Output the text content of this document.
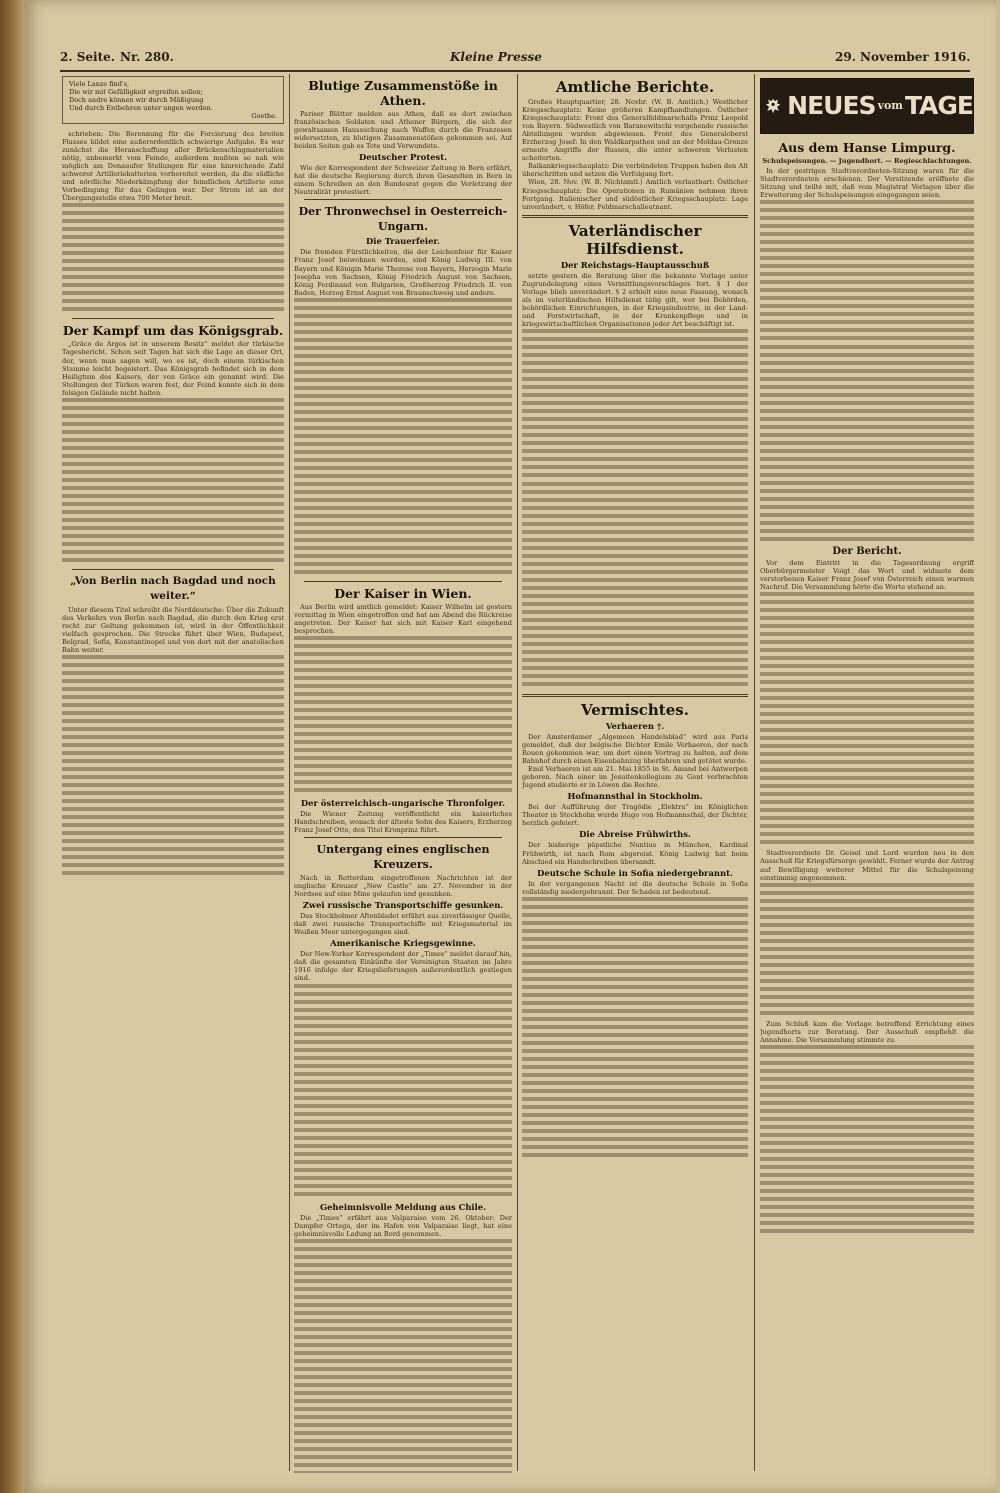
2. Seite. Nr. 280.	Kleine Presse	29. November 1916.
Viele Lanze find's,
Die wir mit Gefälligkeit ergreifen sollen;
Doch andre können wir durch Mäßigung
Und durch Entbehren unter ungen werden.
Goethe.

schrieben: Die Berennung für die Forcierung des breiten Flusses bildet eine außerordentlich schwierige Aufgabe. Es war zunächst die Heranschaffung aller Brückenschlagmaterialien nötig, unbemerkt vom Feinde, außerdem mußten so nah wie möglich am Donauufer Stellungen für eine hinreichende Zahl schwerer Artilleriebatterien vorbereitet werden, da die südliche und nördliche Niederkämpfung der feindlichen Artillerie eine Vorbedingung für das Gelingen war. Der Strom ist an der Übergangsstelle etwa 700 Meter breit.

Der Kampf um das Königsgrab.

„Gräco de Argos ist in unserem Besitz“ meldet der türkische Tagesbericht. Schon seit Tagen hat sich die Lage an dieser Ort, der, wenn man sagen will, wo es ist, doch einem türkischen Stamme leicht begeistert. Das Königsgrab befindet sich in dem Heiligtum des Kaisers, der von Gräco ein genannt wird. Die Stellungen der Türken waren fest, der Feind konnte sich in dem felsigen Gelände nicht halten.

„Von Berlin nach Bagdad und noch weiter.“

Unter diesem Titel schreibt die Norddeutsche: Über die Zukunft des Verkehrs von Berlin nach Bagdad, die durch den Krieg erst recht zur Geltung gekommen ist, wird in der Öffentlichkeit vielfach gesprochen. Die Strecke führt über Wien, Budapest, Belgrad, Sofia, Konstantinopel und von dort mit der anatolischen Bahn weiter.

Blutige Zusammenstöße in Athen.

Pariser Blätter melden aus Athen, daß es dort zwischen französischen Soldaten und Athener Bürgern, die sich der gewaltsamen Haussuchung nach Waffen durch die Franzosen widersetzten, zu blutigen Zusammenstößen gekommen sei. Auf beiden Seiten gab es Tote und Verwundete.

Deutscher Protest.

Wie der Korrespondent der Schweizer Zeitung in Bern erfährt, hat die deutsche Regierung durch ihren Gesandten in Bern in einem Schreiben an den Bundesrat gegen die Verletzung der Neutralität protestiert.

Der Thronwechsel in Oesterreich-Ungarn.
Die Trauerfeier.

Die fremden Fürstlichkeiten, die der Leichenfeier für Kaiser Franz Josef beiwohnen werden, sind König Ludwig III. von Bayern und Königin Marie Therese von Bayern, Herzogin Marie Josepha von Sachsen, König Friedrich August von Sachsen, König Ferdinand von Bulgarien, Großherzog Friedrich II. von Baden, Herzog Ernst August von Braunschweig und andere.

Der Kaiser in Wien.

Aus Berlin wird amtlich gemeldet: Kaiser Wilhelm ist gestern vormittag in Wien eingetroffen und hat am Abend die Rückreise angetreten. Der Kaiser hat sich mit Kaiser Karl eingehend besprochen.

Der österreichisch-ungarische Thronfolger.

Die Wiener Zeitung veröffentlicht ein kaiserliches Handschreiben, wonach der älteste Sohn des Kaisers, Erzherzog Franz Josef Otto, den Titel Kronprinz führt.

Untergang eines englischen Kreuzers.

Nach in Rotterdam eingetroffenen Nachrichten ist der englische Kreuzer „New Castle“ am 27. November in der Nordsee auf eine Mine gelaufen und gesunken.

Zwei russische Transportschiffe gesunken.

Das Stockholmer Aftonbladet erfährt aus zuverlässiger Quelle, daß zwei russische Transportschiffe mit Kriegsmaterial im Weißen Meer untergegangen sind.

Amerikanische Kriegsgewinne.

Der New-Yorker Korrespondent der „Times“ meldet darauf hin, daß die gesamten Einkünfte der Vereinigten Staaten im Jahre 1916 infolge der Kriegslieferungen außerordentlich gestiegen sind.

Geheimnisvolle Meldung aus Chile.

Die „Times“ erfährt aus Valparaiso vom 26. Oktober: Der Dampfer Ortega, der im Hafen von Valparaiso liegt, hat eine geheimnisvolle Ladung an Bord genommen.

Amtliche Berichte.

Großes Hauptquartier, 28. Novbr. (W. B. Amtlich.) Westlicher Kriegsschauplatz: Keine größeren Kampfhandlungen. Östlicher Kriegsschauplatz: Front des Generalfeldmarschalls Prinz Leopold von Bayern. Südwestlich von Baranowitschi vorgehende russische Abteilungen wurden abgewiesen. Front des Generaloberst Erzherzog Josef: In den Waldkarpathen und an der Moldau-Grenze erneute Angriffe der Russen, die unter schweren Verlusten scheiterten.

Balkankriegsschauplatz: Die verbündeten Truppen haben den Alt überschritten und setzen die Verfolgung fort.

Wien, 28. Nov. (W. B. Nichtamtl.) Amtlich verlautbart: Östlicher Kriegsschauplatz: Die Operationen in Rumänien nehmen ihren Fortgang. Italienischer und südöstlicher Kriegsschauplatz: Lage unverändert. v. Höfer, Feldmarschalleutnant.

Vaterländischer Hilfsdienst.
Der Reichstags-Hauptausschuß

setzte gestern die Beratung über die bekannte Vorlage unter Zugrundelegung eines Vermittlungsvorschlages fort. § 1 der Vorlage blieb unverändert. § 2 erhielt eine neue Fassung, wonach als im vaterländischen Hilfsdienst tätig gilt, wer bei Behörden, behördlichen Einrichtungen, in der Kriegsindustrie, in der Land- und Forstwirtschaft, in der Krankenpflege und in kriegswirtschaftlichen Organisationen jeder Art beschäftigt ist.

Vermischtes.
Verhaeren †.

Der Amsterdamer „Algemeen Handelsblad“ wird aus Paris gemeldet, daß der belgische Dichter Emile Verhaeren, der nach Rouen gekommen war, um dort einen Vortrag zu halten, auf dem Bahnhof durch einen Eisenbahnzug überfahren und getötet wurde.

Emil Verhaeren ist am 21. Mai 1855 in St. Amand bei Antwerpen geboren. Nach einer im Jesuitenkollegium zu Gent verbrachten Jugend studierte er in Löwen die Rechte.

Hofmannsthal in Stockholm.

Bei der Aufführung der Tragödie „Elektra“ im Königlichen Theater in Stockholm wurde Hugo von Hofmannsthal, der Dichter, herzlich gefeiert.

Die Abreise Frühwirths.

Der bisherige päpstliche Nuntius in München, Kardinal Frühwirth, ist nach Rom abgereist. König Ludwig hat beim Abschied ein Handschreiben übersandt.

Deutsche Schule in Sofia niedergebrannt.

In der vergangenen Nacht ist die deutsche Schule in Sofia vollständig niedergebrannt. Der Schaden ist bedeutend.

NEUES vom TAGE
Aus dem Hanse Limpurg.
Schulspeisungen. — Jugendhort. — Regieschlachtungen.

In der gestrigen Stadtverordneten-Sitzung waren für die Stadtverordneten erschienen. Der Vorsitzende eröffnete die Sitzung und teilte mit, daß vom Magistrat Vorlagen über die Erweiterung der Schulspeisungen eingegangen seien.

Der Bericht.

Vor dem Eintritt in die Tagesordnung ergriff Oberbürgermeister Voigt das Wort und widmete dem verstorbenen Kaiser Franz Josef von Österreich einen warmen Nachruf. Die Versammlung hörte die Worte stehend an.

Stadtverordnete Dr. Geisel und Lord wurden neu in den Ausschuß für Kriegsfürsorge gewählt. Ferner wurde der Antrag auf Bewilligung weiterer Mittel für die Schulspeisung einstimmig angenommen.

Zum Schluß kam die Vorlage betreffend Errichtung eines Jugendhorts zur Beratung. Der Ausschuß empfiehlt die Annahme. Die Versammlung stimmte zu.
